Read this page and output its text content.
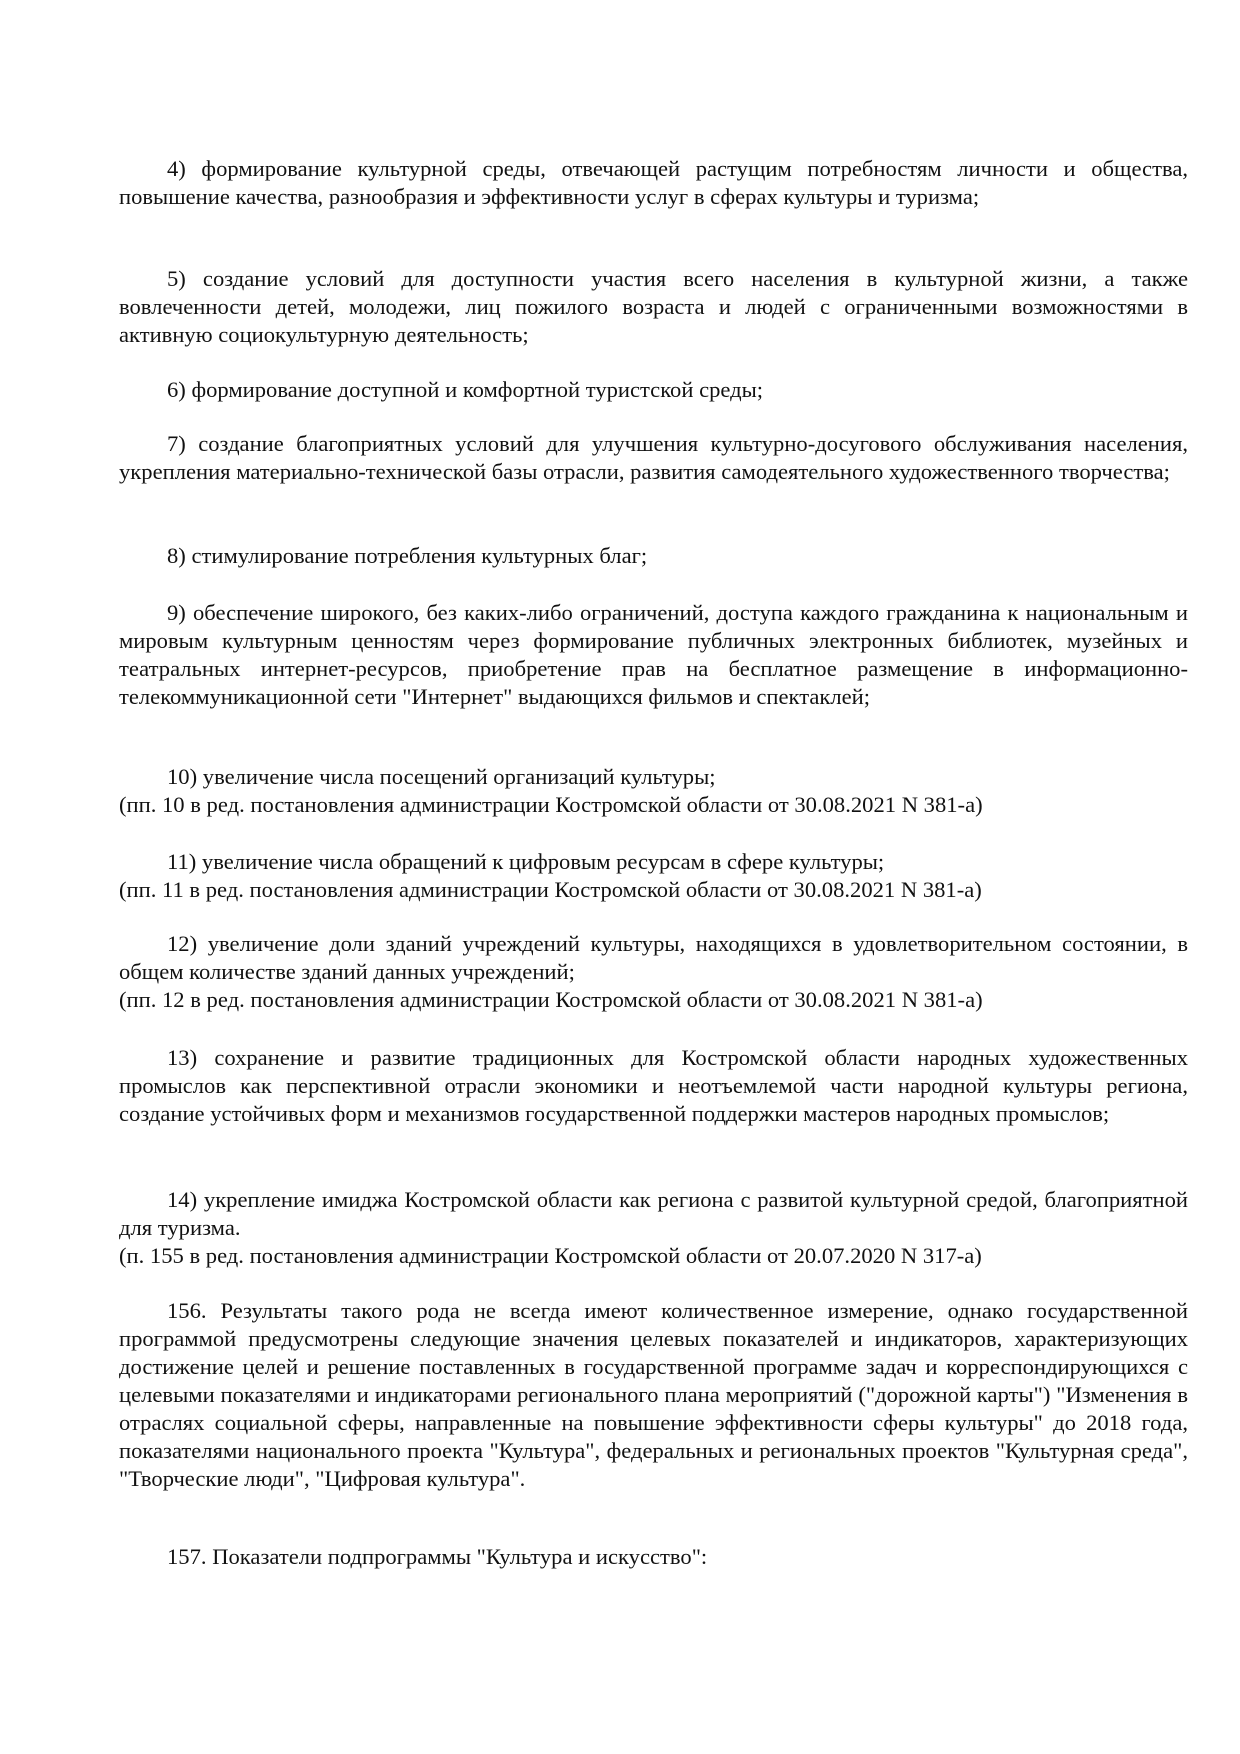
4) формирование культурной среды, отвечающей растущим потребностям личности и общества, повышение качества, разнообразия и эффективности услуг в сферах культуры и туризма;
5) создание условий для доступности участия всего населения в культурной жизни, а также вовлеченности детей, молодежи, лиц пожилого возраста и людей с ограниченными возможностями в активную социокультурную деятельность;
6) формирование доступной и комфортной туристской среды;
7) создание благоприятных условий для улучшения культурно-досугового обслуживания населения, укрепления материально-технической базы отрасли, развития самодеятельного художественного творчества;
8) стимулирование потребления культурных благ;
9) обеспечение широкого, без каких-либо ограничений, доступа каждого гражданина к национальным и мировым культурным ценностям через формирование публичных электронных библиотек, музейных и театральных интернет-ресурсов, приобретение прав на бесплатное размещение в информационно-телекоммуникационной сети "Интернет" выдающихся фильмов и спектаклей;
10) увеличение числа посещений организаций культуры;
(пп. 10 в ред. постановления администрации Костромской области от 30.08.2021 N 381-а)
11) увеличение числа обращений к цифровым ресурсам в сфере культуры;
(пп. 11 в ред. постановления администрации Костромской области от 30.08.2021 N 381-а)
12) увеличение доли зданий учреждений культуры, находящихся в удовлетворительном состоянии, в общем количестве зданий данных учреждений;
(пп. 12 в ред. постановления администрации Костромской области от 30.08.2021 N 381-а)
13) сохранение и развитие традиционных для Костромской области народных художественных промыслов как перспективной отрасли экономики и неотъемлемой части народной культуры региона, создание устойчивых форм и механизмов государственной поддержки мастеров народных промыслов;
14) укрепление имиджа Костромской области как региона с развитой культурной средой, благоприятной для туризма.
(п. 155 в ред. постановления администрации Костромской области от 20.07.2020 N 317-а)
156. Результаты такого рода не всегда имеют количественное измерение, однако государственной программой предусмотрены следующие значения целевых показателей и индикаторов, характеризующих достижение целей и решение поставленных в государственной программе задач и корреспондирующихся с целевыми показателями и индикаторами регионального плана мероприятий ("дорожной карты") "Изменения в отраслях социальной сферы, направленные на повышение эффективности сферы культуры" до 2018 года, показателями национального проекта "Культура", федеральных и региональных проектов "Культурная среда", "Творческие люди", "Цифровая культура".
157. Показатели подпрограммы "Культура и искусство":
